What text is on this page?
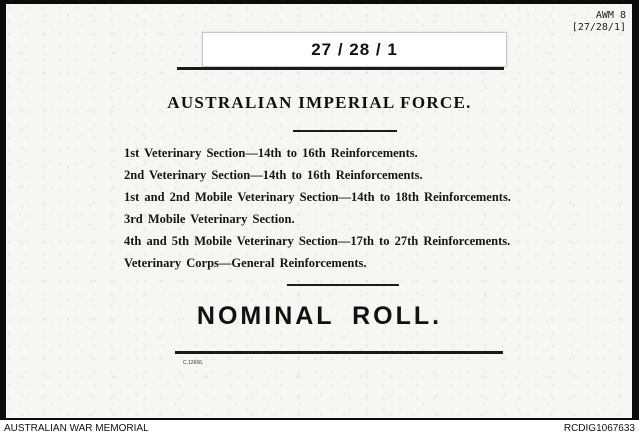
27 / 28 / 1
AWM 8
[27/28/1]
AUSTRALIAN IMPERIAL FORCE.
1st Veterinary Section—14th to 16th Reinforcements.
2nd Veterinary Section—14th to 16th Reinforcements.
1st and 2nd Mobile Veterinary Section—14th to 18th Reinforcements.
3rd Mobile Veterinary Section.
4th and 5th Mobile Veterinary Section—17th to 27th Reinforcements.
Veterinary Corps—General Reinforcements.
NOMINAL ROLL.
C.12666.
AUSTRALIAN WAR MEMORIAL	RCDIG1067633
